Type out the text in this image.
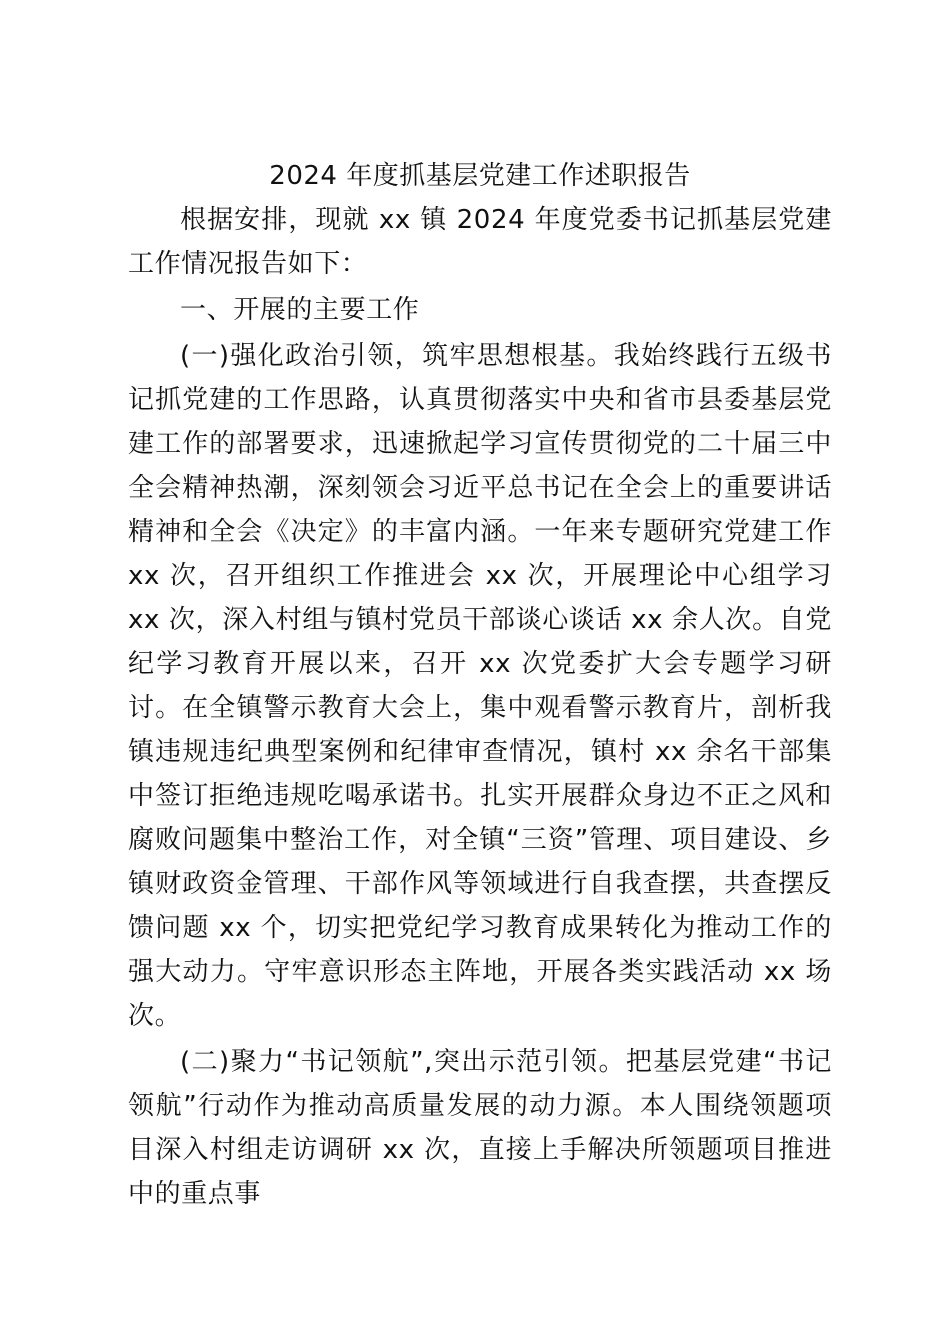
2024 年度抓基层党建工作述职报告

根据安排，现就 xx 镇 2024 年度党委书记抓基层党建工作情况报告如下：

一、开展的主要工作

(一)强化政治引领，筑牢思想根基。我始终践行五级书记抓党建的工作思路，认真贯彻落实中央和省市县委基层党建工作的部署要求，迅速掀起学习宣传贯彻党的二十届三中全会精神热潮，深刻领会习近平总书记在全会上的重要讲话精神和全会《决定》的丰富内涵。一年来专题研究党建工作 xx 次，召开组织工作推进会 xx 次，开展理论中心组学习 xx 次，深入村组与镇村党员干部谈心谈话 xx 余人次。自党纪学习教育开展以来，召开 xx 次党委扩大会专题学习研讨。在全镇警示教育大会上，集中观看警示教育片，剖析我镇违规违纪典型案例和纪律审查情况，镇村 xx 余名干部集中签订拒绝违规吃喝承诺书。扎实开展群众身边不正之风和腐败问题集中整治工作，对全镇“三资”管理、项目建设、乡镇财政资金管理、干部作风等领域进行自我查摆，共查摆反馈问题 xx 个，切实把党纪学习教育成果转化为推动工作的强大动力。守牢意识形态主阵地，开展各类实践活动 xx 场次。

(二)聚力“书记领航”,突出示范引领。把基层党建“书记领航”行动作为推动高质量发展的动力源。本人围绕领题项目深入村组走访调研 xx 次，直接上手解决所领题项目推进中的重点事
